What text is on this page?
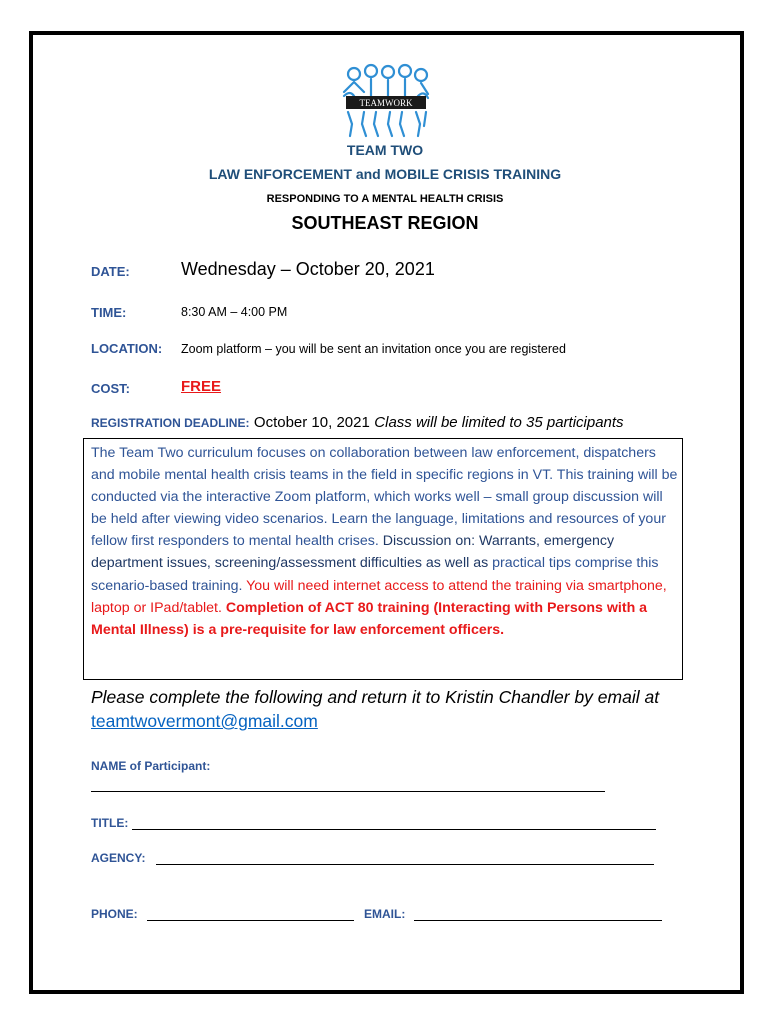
TEAMWORK
TEAM TWO
LAW ENFORCEMENT and MOBILE CRISIS TRAINING
RESPONDING TO A MENTAL HEALTH CRISIS
SOUTHEAST REGION
DATE:	Wednesday – October 20, 2021
TIME:	8:30 AM – 4:00 PM
LOCATION: Zoom platform – you will be sent an invitation once you are registered
COST:	FREE
REGISTRATION DEADLINE: October 10, 2021 Class will be limited to 35 participants
The Team Two curriculum focuses on collaboration between law enforcement, dispatchers and mobile mental health crisis teams in the field in specific regions in VT. This training will be conducted via the interactive Zoom platform, which works well – small group discussion will be held after viewing video scenarios. Learn the language, limitations and resources of your fellow first responders to mental health crises. Discussion on: Warrants, emergency department issues, screening/assessment difficulties as well as practical tips comprise this scenario-based training. You will need internet access to attend the training via smartphone, laptop or IPad/tablet. Completion of ACT 80 training (Interacting with Persons with a Mental Illness) is a pre-requisite for law enforcement officers.
Please complete the following and return it to Kristin Chandler by email at teamtwovermont@gmail.com
NAME of Participant:
TITLE:
AGENCY:
PHONE:	EMAIL:
